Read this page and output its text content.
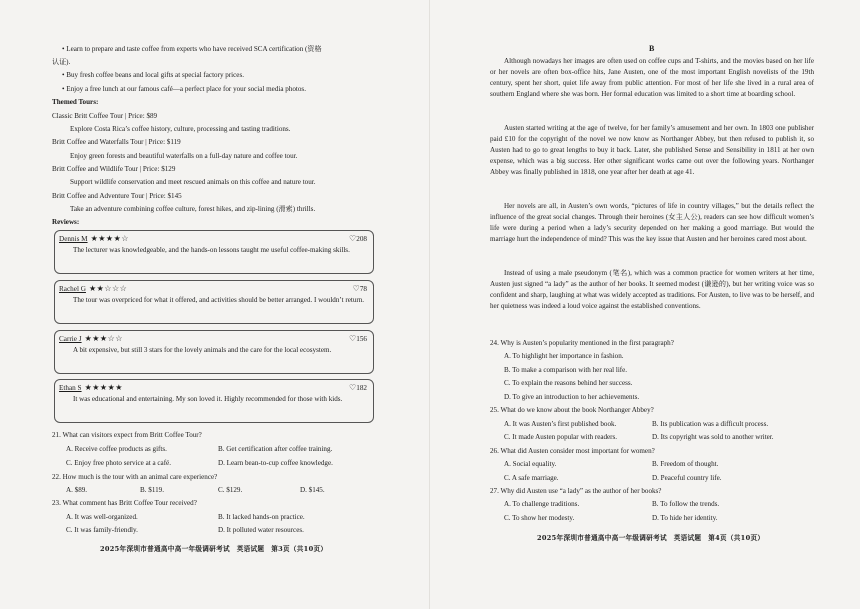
• Learn to prepare and taste coffee from experts who have received SCA certification (资格
认证).
• Buy fresh coffee beans and local gifts at special factory prices.
• Enjoy a free lunch at our famous café—a perfect place for your social media photos.
Themed Tours:
Classic Britt Coffee Tour | Price: $89
Explore Costa Rica’s coffee history, culture, processing and tasting traditions.
Britt Coffee and Waterfalls Tour | Price: $119
Enjoy green forests and beautiful waterfalls on a full-day nature and coffee tour.
Britt Coffee and Wildlife Tour | Price: $129
Support wildlife conservation and meet rescued animals on this coffee and nature tour.
Britt Coffee and Adventure Tour | Price: $145
Take an adventure combining coffee culture, forest hikes, and zip-lining (滑索) thrills.
Reviews:
Dennis M ★★★★☆	♡208
The lecturer was knowledgeable, and the hands-on lessons taught me useful coffee-making skills.
Rachel G ★★☆☆☆	♡78
The tour was overpriced for what it offered, and activities should be better arranged. I wouldn’t return.
Carrie J ★★★☆☆	♡156
A bit expensive, but still 3 stars for the lovely animals and the care for the local ecosystem.
Ethan S ★★★★★	♡182
It was educational and entertaining. My son loved it. Highly recommended for those with kids.
21. What can visitors expect from Britt Coffee Tour?
A. Receive coffee products as gifts.	B. Get certification after coffee training.
C. Enjoy free photo service at a café.	D. Learn bean-to-cup coffee knowledge.
22. How much is the tour with an animal care experience?
A. $89.	B. $119.	C. $129.	D. $145.
23. What comment has Britt Coffee Tour received?
A. It was well-organized.	B. It lacked hands-on practice.
C. It was family-friendly.	D. It polluted water resources.
2025年深圳市普通高中高一年级调研考试　英语试题　第3页（共10页）
B
Although nowadays her images are often used on coffee cups and T-shirts, and the movies based on her life or her novels are often box-office hits, Jane Austen, one of the most important English novelists of the 19th century, spent her short, quiet life away from public attention. For most of her life she lived in a rural area of southern England where she was born. Her formal education was limited to a short time at boarding school.
Austen started writing at the age of twelve, for her family’s amusement and her own. In 1803 one publisher paid £10 for the copyright of the novel we now know as Northanger Abbey, but then refused to publish it, so Austen had to go to great lengths to buy it back. Later, she published Sense and Sensibility in 1811 at her own expense, which was a big success. Her other significant works came out over the following years. Northanger Abbey was finally published in 1818, one year after her death at age 41.
Her novels are all, in Austen’s own words, “pictures of life in country villages,” but the details reflect the influence of the great social changes. Through their heroines (女主人公), readers can see how difficult women’s life were during a period when a lady’s security depended on her making a good marriage. But would the marriage hurt the independence of mind? This was the key issue that Austen and her heroines cared most about.
Instead of using a male pseudonym (笔名), which was a common practice for women writers at her time, Austen just signed “a lady” as the author of her books. It seemed modest (谦逊的), but her writing voice was so confident and sharp, laughing at what was widely accepted as traditions. For Austen, to live was to be herself, and her quietness was indeed a loud voice against the established conventions.
24. Why is Austen’s popularity mentioned in the first paragraph?
A. To highlight her importance in fashion.
B. To make a comparison with her real life.
C. To explain the reasons behind her success.
D. To give an introduction to her achievements.
25. What do we know about the book Northanger Abbey?
A. It was Austen’s first published book.	B. Its publication was a difficult process.
C. It made Austen popular with readers.	D. Its copyright was sold to another writer.
26. What did Austen consider most important for women?
A. Social equality.	B. Freedom of thought.
C. A safe marriage.	D. Peaceful country life.
27. Why did Austen use “a lady” as the author of her books?
A. To challenge traditions.	B. To follow the trends.
C. To show her modesty.	D. To hide her identity.
2025年深圳市普通高中高一年级调研考试　英语试题　第4页（共10页）
